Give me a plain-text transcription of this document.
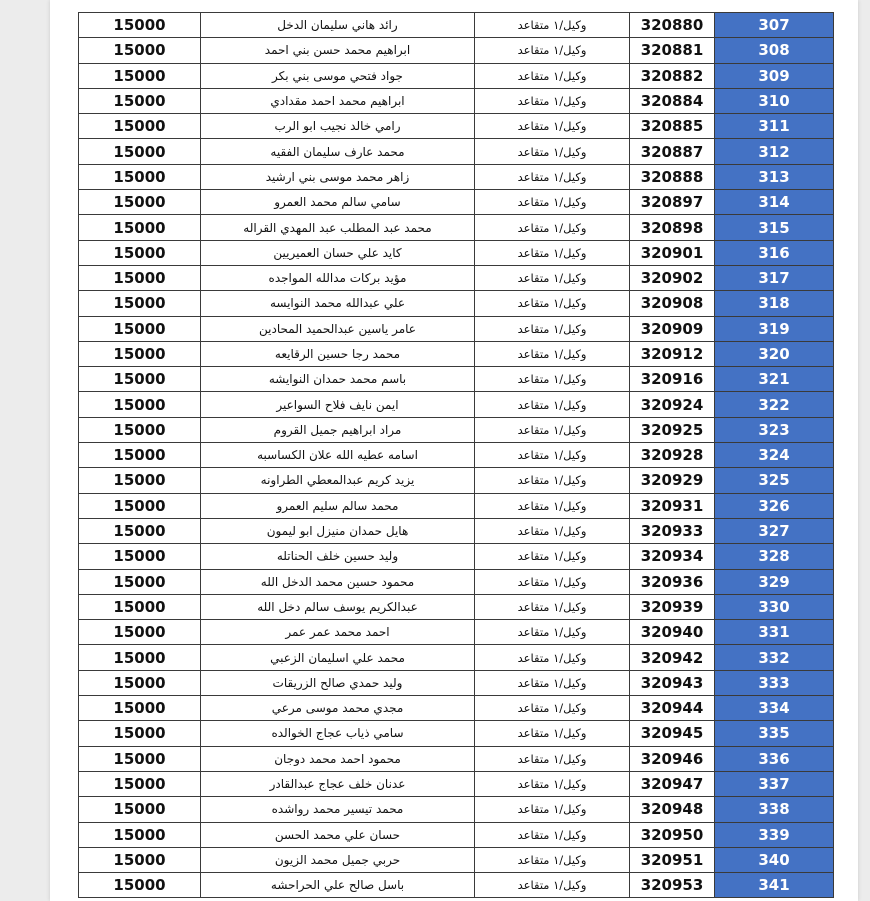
15000	رائد هاني سليمان الدخل	وكيل/١ متقاعد	320880	307
15000	ابراهيم محمد حسن بني احمد	وكيل/١ متقاعد	320881	308
15000	جواد فتحي موسى بني بكر	وكيل/١ متقاعد	320882	309
15000	ابراهيم محمد احمد مقدادي	وكيل/١ متقاعد	320884	310
15000	رامي خالد نجيب ابو الرب	وكيل/١ متقاعد	320885	311
15000	محمد عارف سليمان الفقيه	وكيل/١ متقاعد	320887	312
15000	زاهر محمد موسى بني ارشيد	وكيل/١ متقاعد	320888	313
15000	سامي سالم محمد العمرو	وكيل/١ متقاعد	320897	314
15000	محمد عبد المطلب عبد المهدي القراله	وكيل/١ متقاعد	320898	315
15000	كايد علي حسان العميريين	وكيل/١ متقاعد	320901	316
15000	مؤيد بركات مدالله المواجده	وكيل/١ متقاعد	320902	317
15000	علي عبدالله محمد النوايسه	وكيل/١ متقاعد	320908	318
15000	عامر ياسين عبدالحميد المحادين	وكيل/١ متقاعد	320909	319
15000	محمد رجا حسين الرقايعه	وكيل/١ متقاعد	320912	320
15000	باسم محمد حمدان النوايشه	وكيل/١ متقاعد	320916	321
15000	ايمن نايف فلاح السواعير	وكيل/١ متقاعد	320924	322
15000	مراد ابراهيم جميل القروم	وكيل/١ متقاعد	320925	323
15000	اسامه عطيه الله علان الكساسبه	وكيل/١ متقاعد	320928	324
15000	يزيد كريم عبدالمعطي الطراونه	وكيل/١ متقاعد	320929	325
15000	محمد سالم سليم العمرو	وكيل/١ متقاعد	320931	326
15000	هايل حمدان منيزل ابو ليمون	وكيل/١ متقاعد	320933	327
15000	وليد حسين خلف الحناتله	وكيل/١ متقاعد	320934	328
15000	محمود حسين محمد الدخل الله	وكيل/١ متقاعد	320936	329
15000	عبدالكريم يوسف سالم دخل الله	وكيل/١ متقاعد	320939	330
15000	احمد محمد عمر عمر	وكيل/١ متقاعد	320940	331
15000	محمد علي اسليمان الزعبي	وكيل/١ متقاعد	320942	332
15000	وليد حمدي صالح الزريقات	وكيل/١ متقاعد	320943	333
15000	مجدي محمد موسى مرعي	وكيل/١ متقاعد	320944	334
15000	سامي ذياب عجاج الخوالده	وكيل/١ متقاعد	320945	335
15000	محمود احمد محمد دوجان	وكيل/١ متقاعد	320946	336
15000	عدنان خلف عجاج عبدالقادر	وكيل/١ متقاعد	320947	337
15000	محمد تيسير محمد رواشده	وكيل/١ متقاعد	320948	338
15000	حسان علي محمد الحسن	وكيل/١ متقاعد	320950	339
15000	حربي جميل محمد الزيون	وكيل/١ متقاعد	320951	340
15000	باسل صالح علي الحراحشه	وكيل/١ متقاعد	320953	341
